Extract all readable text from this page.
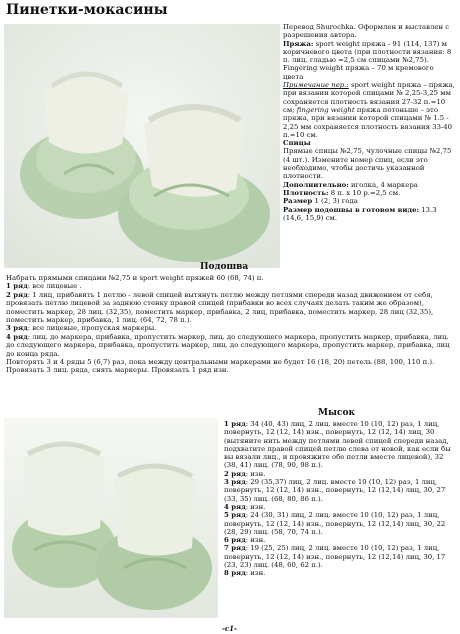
Пинетки-мокасины

Перевод Shurochka. Оформлен и выставлен с разрешения автора.

Пряжа: sport weight пряжа - 91 (114, 137) м коричневого цвета (при плотности вязания: 8 п. лиц. гладью =2,5 см спицами №2,75).

Fingering weight пряжа – 70 м кремового цвета

Примечание пер.: sport weight пряжа – пряжа, при вязании которой спицами № 2,25-3,25 мм сохраняется плотность вязания 27-32 п.=10 см; fingering weight пряжа потоньше – это пряжа, при вязании которой спицами № 1.5 - 2,25 мм сохраняется плотность вязания 33-40 п.=10 см.

Спицы

Прямые спицы №2,75, чулочные спицы №2,75 (4 шт.). Измените номер спиц, если это необходимо, чтобы достичь указанной плотности.

Дополнительно: иголка, 4 маркера

Плотность: 8 п. х 10 р.=2,5 см.

Размер 1 (2, 3) года

Размер подошвы в готовом виде: 13.3 (14,6, 15,9) см.

Подошва

Набрать прямыми спицами №2,75 и sport weight пряжей 60 (68, 74) п.

1 ряд: все лицевые .

2 ряд: 1 лиц, прибавить 1 петлю - левой спицей вытянуть петлю между петлями спереди назад движением от себя, провязать петлю лицевой за заднюю стенку правой спицей (прибавки во всех случаях делать таким же образом), поместить маркер, 28 лиц. (32,35), поместить маркер, прибавка, 2 лиц, прибавка, поместить маркер, 28 лиц (32,35), поместить маркер, прибавка, 1 лиц. (64, 72, 78 п.).

3 ряд: все лицевые, пропуская маркеры.

4 ряд: лиц. до маркера, прибавка, пропустить маркер, лиц. до следующего маркера, пропустить маркер, прибавка, лиц. до следующего маркера, прибавка, пропустить маркер, лиц. до следующего маркера, пропустить маркер, прибавка, лиц до конца ряда.

Повторять 3 и 4 ряды 5 (6,7) раз, пока между центральными маркерами не будет 16 (18, 20) петель (88, 100, 110 п.).

Провязать 3 лиц. ряда, снять маркеры. Провязать 1 ряд изн.

Мысок

1 ряд: 34 (40, 43) лиц, 2 лиц. вместе 10 (10, 12) раз, 1 лиц, повернуть, 12 (12, 14) изн., повернуть, 12 (12, 14) лиц, 30 (вытяните нить между петлями левой спицей спереди назад, подхватите правой спицей петлю слева от новой, как если бы вы вязали лиц., и провяжите обе петли вместе лицевой), 32 (38, 41) лиц. (78, 90, 98 п.).

2 ряд: изн.

3 ряд: 29 (35,37) лиц, 2 лиц. вместе 10 (10, 12) раз, 1 лиц, повернуть, 12 (12, 14) изн., повернуть, 12 (12,14) лиц, 30, 27 (33, 35) лиц. (68, 80, 86 п.).

4 ряд: изн.

5 ряд: 24 (30, 31) лиц, 2 лиц. вместе 10 (10, 12) раз, 1 лиц, повернуть, 12 (12, 14) изн., повернуть, 12 (12,14) лиц, 30, 22 (28, 29) лиц. (58, 70, 74 п.).

6 ряд: изн.

7 ряд: 19 (25, 25) лиц, 2 лиц. вместе 10 (10, 12) раз, 1 лиц, повернуть, 12 (12, 14) изн., повернуть, 12 (12,14) лиц, 30, 17 (23, 23) лиц. (48, 60, 62 п.).

8 ряд: изн.

-c1-
